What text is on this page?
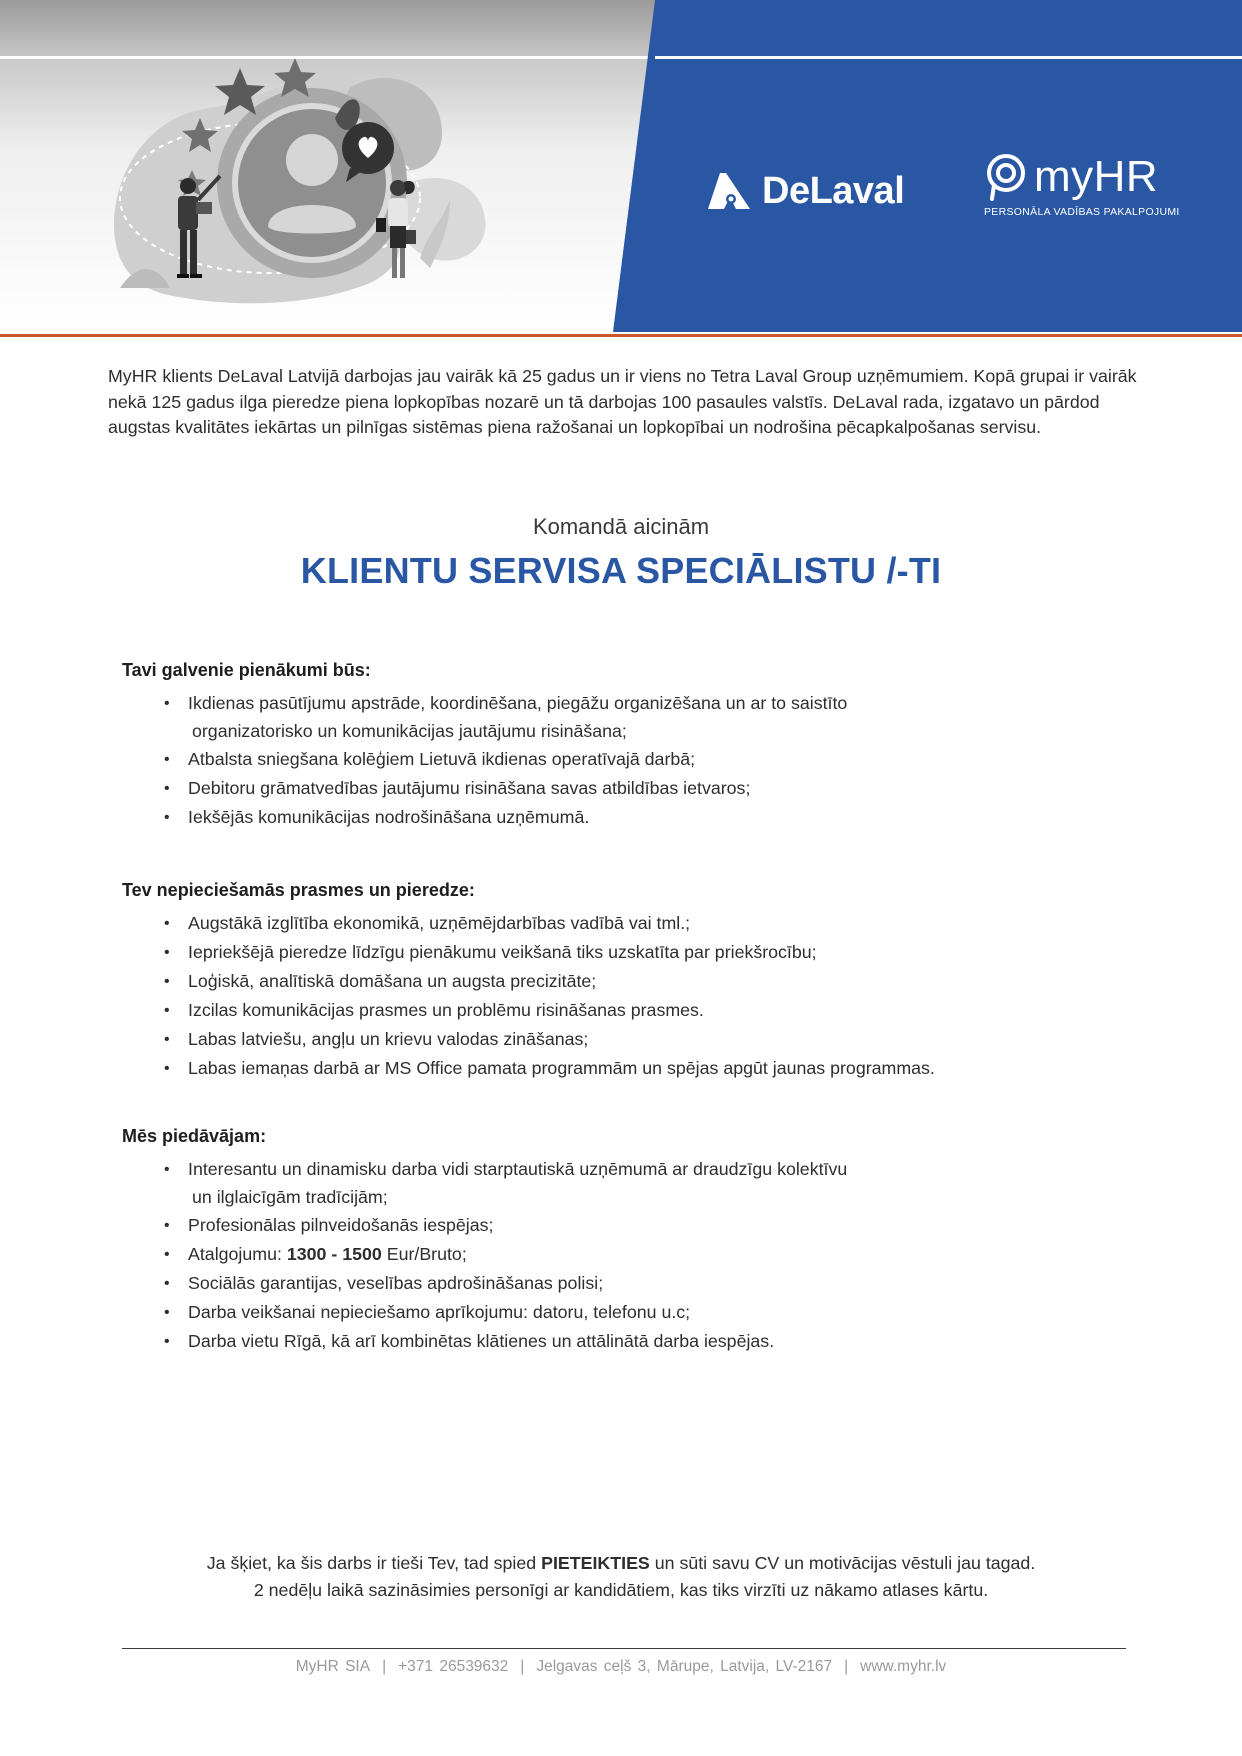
DeLaval	myHR
PERSONĀLA VADĪBAS PAKALPOJUMI

MyHR klients DeLaval Latvijā darbojas jau vairāk kā 25 gadus un ir viens no Tetra Laval Group uzņēmumiem. Kopā grupai ir vairāk nekā 125 gadus ilga pieredze piena lopkopības nozarē un tā darbojas 100 pasaules valstīs. DeLaval rada, izgatavo un pārdod augstas kvalitātes iekārtas un pilnīgas sistēmas piena ražošanai un lopkopībai un nodrošina pēcapkalpošanas servisu.

Komandā aicinām
KLIENTU SERVISA SPECIĀLISTU /-TI
Tavi galvenie pienākumi būs:
• Ikdienas pasūtījumu apstrāde, koordinēšana, piegāžu organizēšana un ar to saistīto
organizatorisko un komunikācijas jautājumu risināšana;
• Atbalsta sniegšana kolēģiem Lietuvā ikdienas operatīvajā darbā;
• Debitoru grāmatvedības jautājumu risināšana savas atbildības ietvaros;
• Iekšējās komunikācijas nodrošināšana uzņēmumā.
Tev nepieciešamās prasmes un pieredze:
• Augstākā izglītība ekonomikā, uzņēmējdarbības vadībā vai tml.;
• Iepriekšējā pieredze līdzīgu pienākumu veikšanā tiks uzskatīta par priekšrocību;
• Loģiskā, analītiskā domāšana un augsta precizitāte;
• Izcilas komunikācijas prasmes un problēmu risināšanas prasmes.
• Labas latviešu, angļu un krievu valodas zināšanas;
• Labas iemaņas darbā ar MS Office pamata programmām un spējas apgūt jaunas programmas.
Mēs piedāvājam:
• Interesantu un dinamisku darba vidi starptautiskā uzņēmumā ar draudzīgu kolektīvu
un ilglaicīgām tradīcijām;
• Profesionālas pilnveidošanās iespējas;
• Atalgojumu: 1300 - 1500 Eur/Bruto;
• Sociālās garantijas, veselības apdrošināšanas polisi;
• Darba veikšanai nepieciešamo aprīkojumu: datoru, telefonu u.c;
• Darba vietu Rīgā, kā arī kombinētas klātienes un attālinātā darba iespējas.
Ja šķiet, ka šis darbs ir tieši Tev, tad spied PIETEIKTIES un sūti savu CV un motivācijas vēstuli jau tagad.
2 nedēļu laikā sazināsimies personīgi ar kandidātiem, kas tiks virzīti uz nākamo atlases kārtu.
MyHR SIA | +371 26539632 | Jelgavas ceļš 3, Mārupe, Latvija, LV-2167 | www.myhr.lv
